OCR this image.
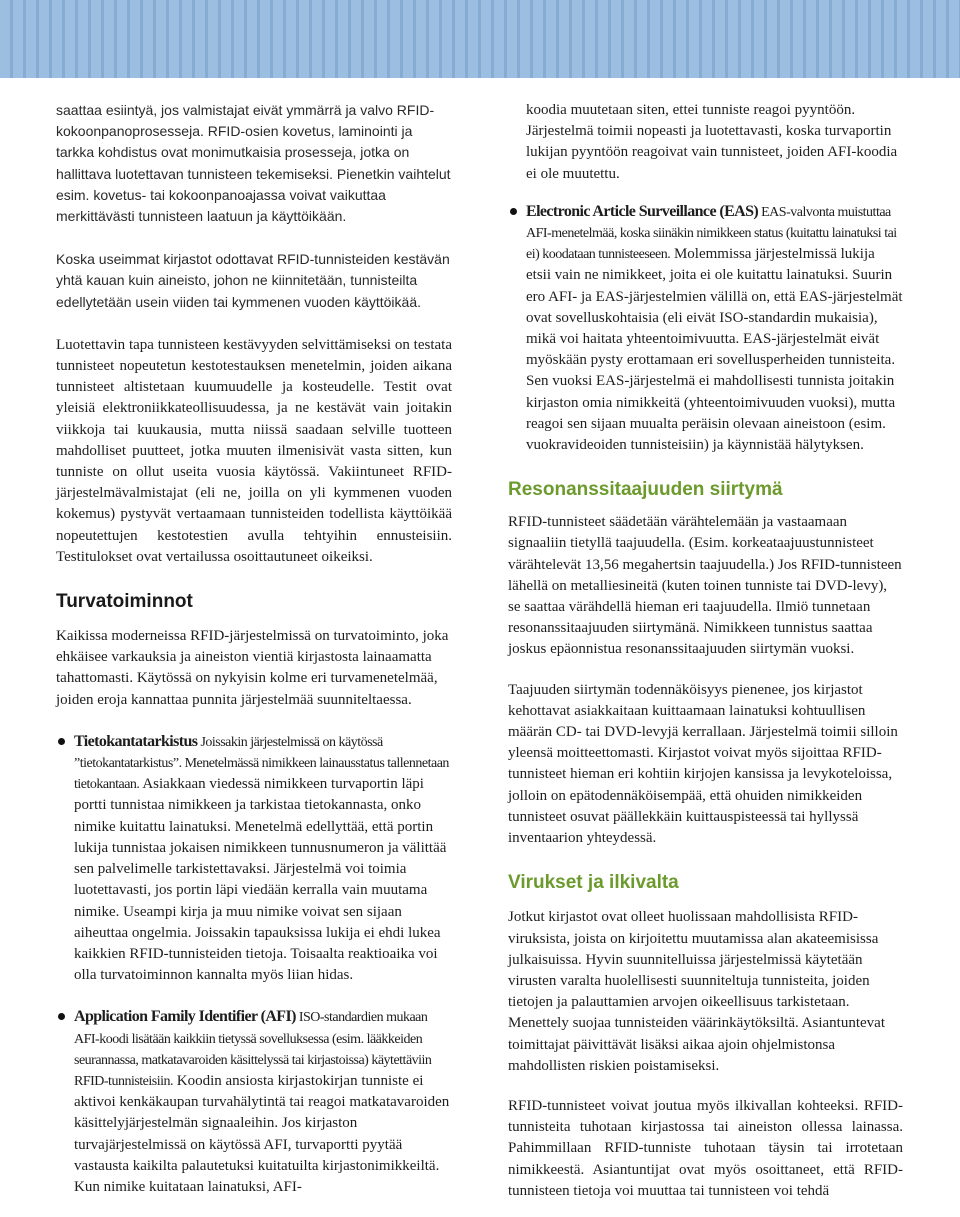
saattaa esiintyä, jos valmistajat eivät ymmärrä ja valvo RFID-kokoonpanoprosesseja. RFID-osien kovetus, laminointi ja tarkka kohdistus ovat monimutkaisia prosesseja, jotka on hallittava luotettavan tunnisteen tekemiseksi. Pienetkin vaihtelut esim. kovetus- tai kokoonpanoajassa voivat vaikuttaa merkittävästi tunnisteen laatuun ja käyttöikään.

Koska useimmat kirjastot odottavat RFID-tunnisteiden kestävän yhtä kauan kuin aineisto, johon ne kiinnitetään, tunnisteilta edellytetään usein viiden tai kymmenen vuoden käyttöikää.

Luotettavin tapa tunnisteen kestävyyden selvittämiseksi on testata tunnisteet nopeutetun kestotestauksen menetelmin, joiden aikana tunnisteet altistetaan kuumuudelle ja kosteudelle. Testit ovat yleisiä elektroniikkateollisuudessa, ja ne kestävät vain joitakin viikkoja tai kuukausia, mutta niissä saadaan selville tuotteen mahdolliset puutteet, jotka muuten ilmenisivät vasta sitten, kun tunniste on ollut useita vuosia käytössä. Vakiintuneet RFID-järjestelmävalmistajat (eli ne, joilla on yli kymmenen vuoden kokemus) pystyvät vertaamaan tunnisteiden todellista käyttöikää nopeutettujen kestotestien avulla tehtyihin ennusteisiin. Testitulokset ovat vertailussa osoittautuneet oikeiksi.

Turvatoiminnot

Kaikissa moderneissa RFID-järjestelmissä on turvatoiminto, joka ehkäisee varkauksia ja aineiston vientiä kirjastosta lainaamatta tahattomasti. Käytössä on nykyisin kolme eri turvamenetelmää, joiden eroja kannattaa punnita järjestelmää suunniteltaessa.

Tietokantatarkistus Joissakin järjestelmissä on käytössä ”tietokantatarkistus”. Menetelmässä nimikkeen lainausstatus tallennetaan tietokantaan. Asiakkaan viedessä nimikkeen turvaportin läpi portti tunnistaa nimikkeen ja tarkistaa tietokannasta, onko nimike kuitattu lainatuksi. Menetelmä edellyttää, että portin lukija tunnistaa jokaisen nimikkeen tunnusnumeron ja välittää sen palvelimelle tarkistettavaksi. Järjestelmä voi toimia luotettavasti, jos portin läpi viedään kerralla vain muutama nimike. Useampi kirja ja muu nimike voivat sen sijaan aiheuttaa ongelmia. Joissakin tapauksissa lukija ei ehdi lukea kaikkien RFID-tunnisteiden tietoja. Toisaalta reaktioaika voi olla turvatoiminnon kannalta myös liian hidas.

Application Family Identifier (AFI) ISO-standardien mukaan AFI-koodi lisätään kaikkiin tietyssä sovelluksessa (esim. lääkkeiden seurannassa, matkatavaroiden käsittelyssä tai kirjastoissa) käytettäviin RFID-tunnisteisiin. Koodin ansiosta kirjastokirjan tunniste ei aktivoi kenkäkaupan turvahälytintä tai reagoi matkatavaroiden käsittelyjärjestelmän signaaleihin. Jos kirjaston turvajärjestelmissä on käytössä AFI, turvaportti pyytää vastausta kaikilta palautetuksi kuitatuilta kirjastonimikkeiltä. Kun nimike kuitataan lainatuksi, AFI-

koodia muutetaan siten, ettei tunniste reagoi pyyntöön. Järjestelmä toimii nopeasti ja luotettavasti, koska turvaportin lukijan pyyntöön reagoivat vain tunnisteet, joiden AFI-koodia ei ole muutettu.

Electronic Article Surveillance (EAS) EAS-valvonta muistuttaa AFI-menetelmää, koska siinäkin nimikkeen status (kuitattu lainatuksi tai ei) koodataan tunnisteeseen. Molemmissa järjestelmissä lukija etsii vain ne nimikkeet, joita ei ole kuitattu lainatuksi. Suurin ero AFI- ja EAS-järjestelmien välillä on, että EAS-järjestelmät ovat sovelluskohtaisia (eli eivät ISO-standardin mukaisia), mikä voi haitata yhteentoimivuutta. EAS-järjestelmät eivät myöskään pysty erottamaan eri sovellusperheiden tunnisteita. Sen vuoksi EAS-järjestelmä ei mahdollisesti tunnista joitakin kirjaston omia nimikkeitä (yhteentoimivuuden vuoksi), mutta reagoi sen sijaan muualta peräisin olevaan aineistoon (esim. vuokravideoiden tunnisteisiin) ja käynnistää hälytyksen.

Resonanssitaajuuden siirtymä

RFID-tunnisteet säädetään värähtelemään ja vastaamaan signaaliin tietyllä taajuudella. (Esim. korkeataajuustunnisteet värähtelevät 13,56 megahertsin taajuudella.) Jos RFID-tunnisteen lähellä on metalliesineitä (kuten toinen tunniste tai DVD-levy), se saattaa värähdellä hieman eri taajuudella. Ilmiö tunnetaan resonanssitaajuuden siirtymänä. Nimikkeen tunnistus saattaa joskus epäonnistua resonanssitaajuuden siirtymän vuoksi.

Taajuuden siirtymän todennäköisyys pienenee, jos kirjastot kehottavat asiakkaitaan kuittaamaan lainatuksi kohtuullisen määrän CD- tai DVD-levyjä kerrallaan. Järjestelmä toimii silloin yleensä moitteettomasti. Kirjastot voivat myös sijoittaa RFID-tunnisteet hieman eri kohtiin kirjojen kansissa ja levykoteloissa, jolloin on epätodennäköisempää, että ohuiden nimikkeiden tunnisteet osuvat päällekkäin kuittauspisteessä tai hyllyssä inventaarion yhteydessä.

Virukset ja ilkivalta

Jotkut kirjastot ovat olleet huolissaan mahdollisista RFID-viruksista, joista on kirjoitettu muutamissa alan akateemisissa julkaisuissa. Hyvin suunnitelluissa järjestelmissä käytetään virusten varalta huolellisesti suunniteltuja tunnisteita, joiden tietojen ja palauttamien arvojen oikeellisuus tarkistetaan. Menettely suojaa tunnisteiden väärinkäytöksiltä. Asiantuntevat toimittajat päivittävät lisäksi aikaa ajoin ohjelmistonsa mahdollisten riskien poistamiseksi.

RFID-tunnisteet voivat joutua myös ilkivallan kohteeksi. RFID-tunnisteita tuhotaan kirjastossa tai aineiston ollessa lainassa. Pahimmillaan RFID-tunniste tuhotaan täysin tai irrotetaan nimikkeestä. Asiantuntijat ovat myös osoittaneet, että RFID-tunnisteen tietoja voi muuttaa tai tunnisteen voi tehdä
